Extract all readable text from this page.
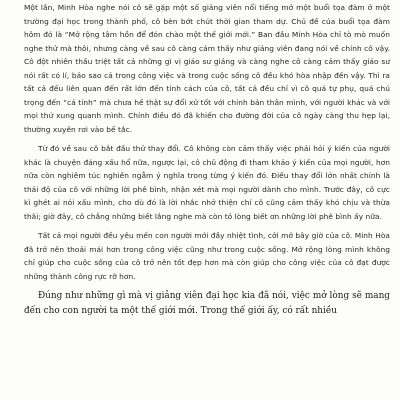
Một lần, Minh Hòa nghe nói cô sẽ gặp một số giảng viên nổi tiếng mở một buổi tọa đàm ở một trường đại học trong thành phố, cô bèn bớt chút thời gian tham dự. Chủ đề của buổi tọa đàm hôm đó là “Mở rộng tâm hồn để đón chào một thế giới mới.” Ban đầu Minh Hòa chỉ tò mò muốn nghe thử mà thôi, nhưng càng về sau cô càng cảm thấy như giảng viên đang nói về chính cô vậy. Cô đột nhiên thấu triệt tất cả những gì vị giáo sư giảng và càng nghe cô càng cảm thấy giáo sư nói rất có lí, bảo sao cả trong công việc và trong cuộc sống cô đều khó hòa nhập đến vậy. Thì ra tất cả đều liên quan đến rất lớn đến tính cách của cô, tất cả đều chỉ vì cô quá tự phụ, quá chú trọng đến “cá tính” mà chưa hề thật sự đổi xử tốt với chính bản thân mình, với người khác và với mọi thứ xung quanh mình. Chính điều đó đã khiến cho đường đời của cô ngày càng thu hẹp lại, thường xuyên rơi vào bế tắc.

Từ đó về sau cô bắt đầu thử thay đổi. Cô không còn cảm thấy việc phải hỏi ý kiến của người khác là chuyện đáng xấu hổ nữa, ngược lại, cô chủ động đi tham khảo ý kiến của mọi người, hơn nữa còn nghiêm túc nghiền ngẫm ý nghĩa trong từng ý kiến đó. Điều thay đổi lớn nhất chính là thái độ của cô với những lời phê bình, nhận xét mà mọi người dành cho mình. Trước đây, cô cực kì ghét ai nói xấu mình, cho dù đó là lời nhắc nhở thiện chí cô cũng cảm thấy khó chịu và thừa thãi; giờ đây, cô chẳng những biết lắng nghe mà còn tỏ lòng biết ơn những lời phê bình ấy nữa.

Tất cả mọi người đều yêu mến con người mới đầy nhiệt tình, cởi mở bây giờ của cô. Minh Hòa đã trở nên thoải mái hơn trong công việc cũng như trong cuộc sống. Mở rộng lòng mình không chỉ giúp cho cuộc sống của cô trở nên tốt đẹp hơn mà còn giúp cho công việc của cô đạt được những thành công rực rỡ hơn.

Đúng như những gì mà vị giảng viên đại học kia đã nói, việc mở lòng sẽ mang đến cho con người ta một thế giới mới. Trong thế giới ấy, có rất nhiều
